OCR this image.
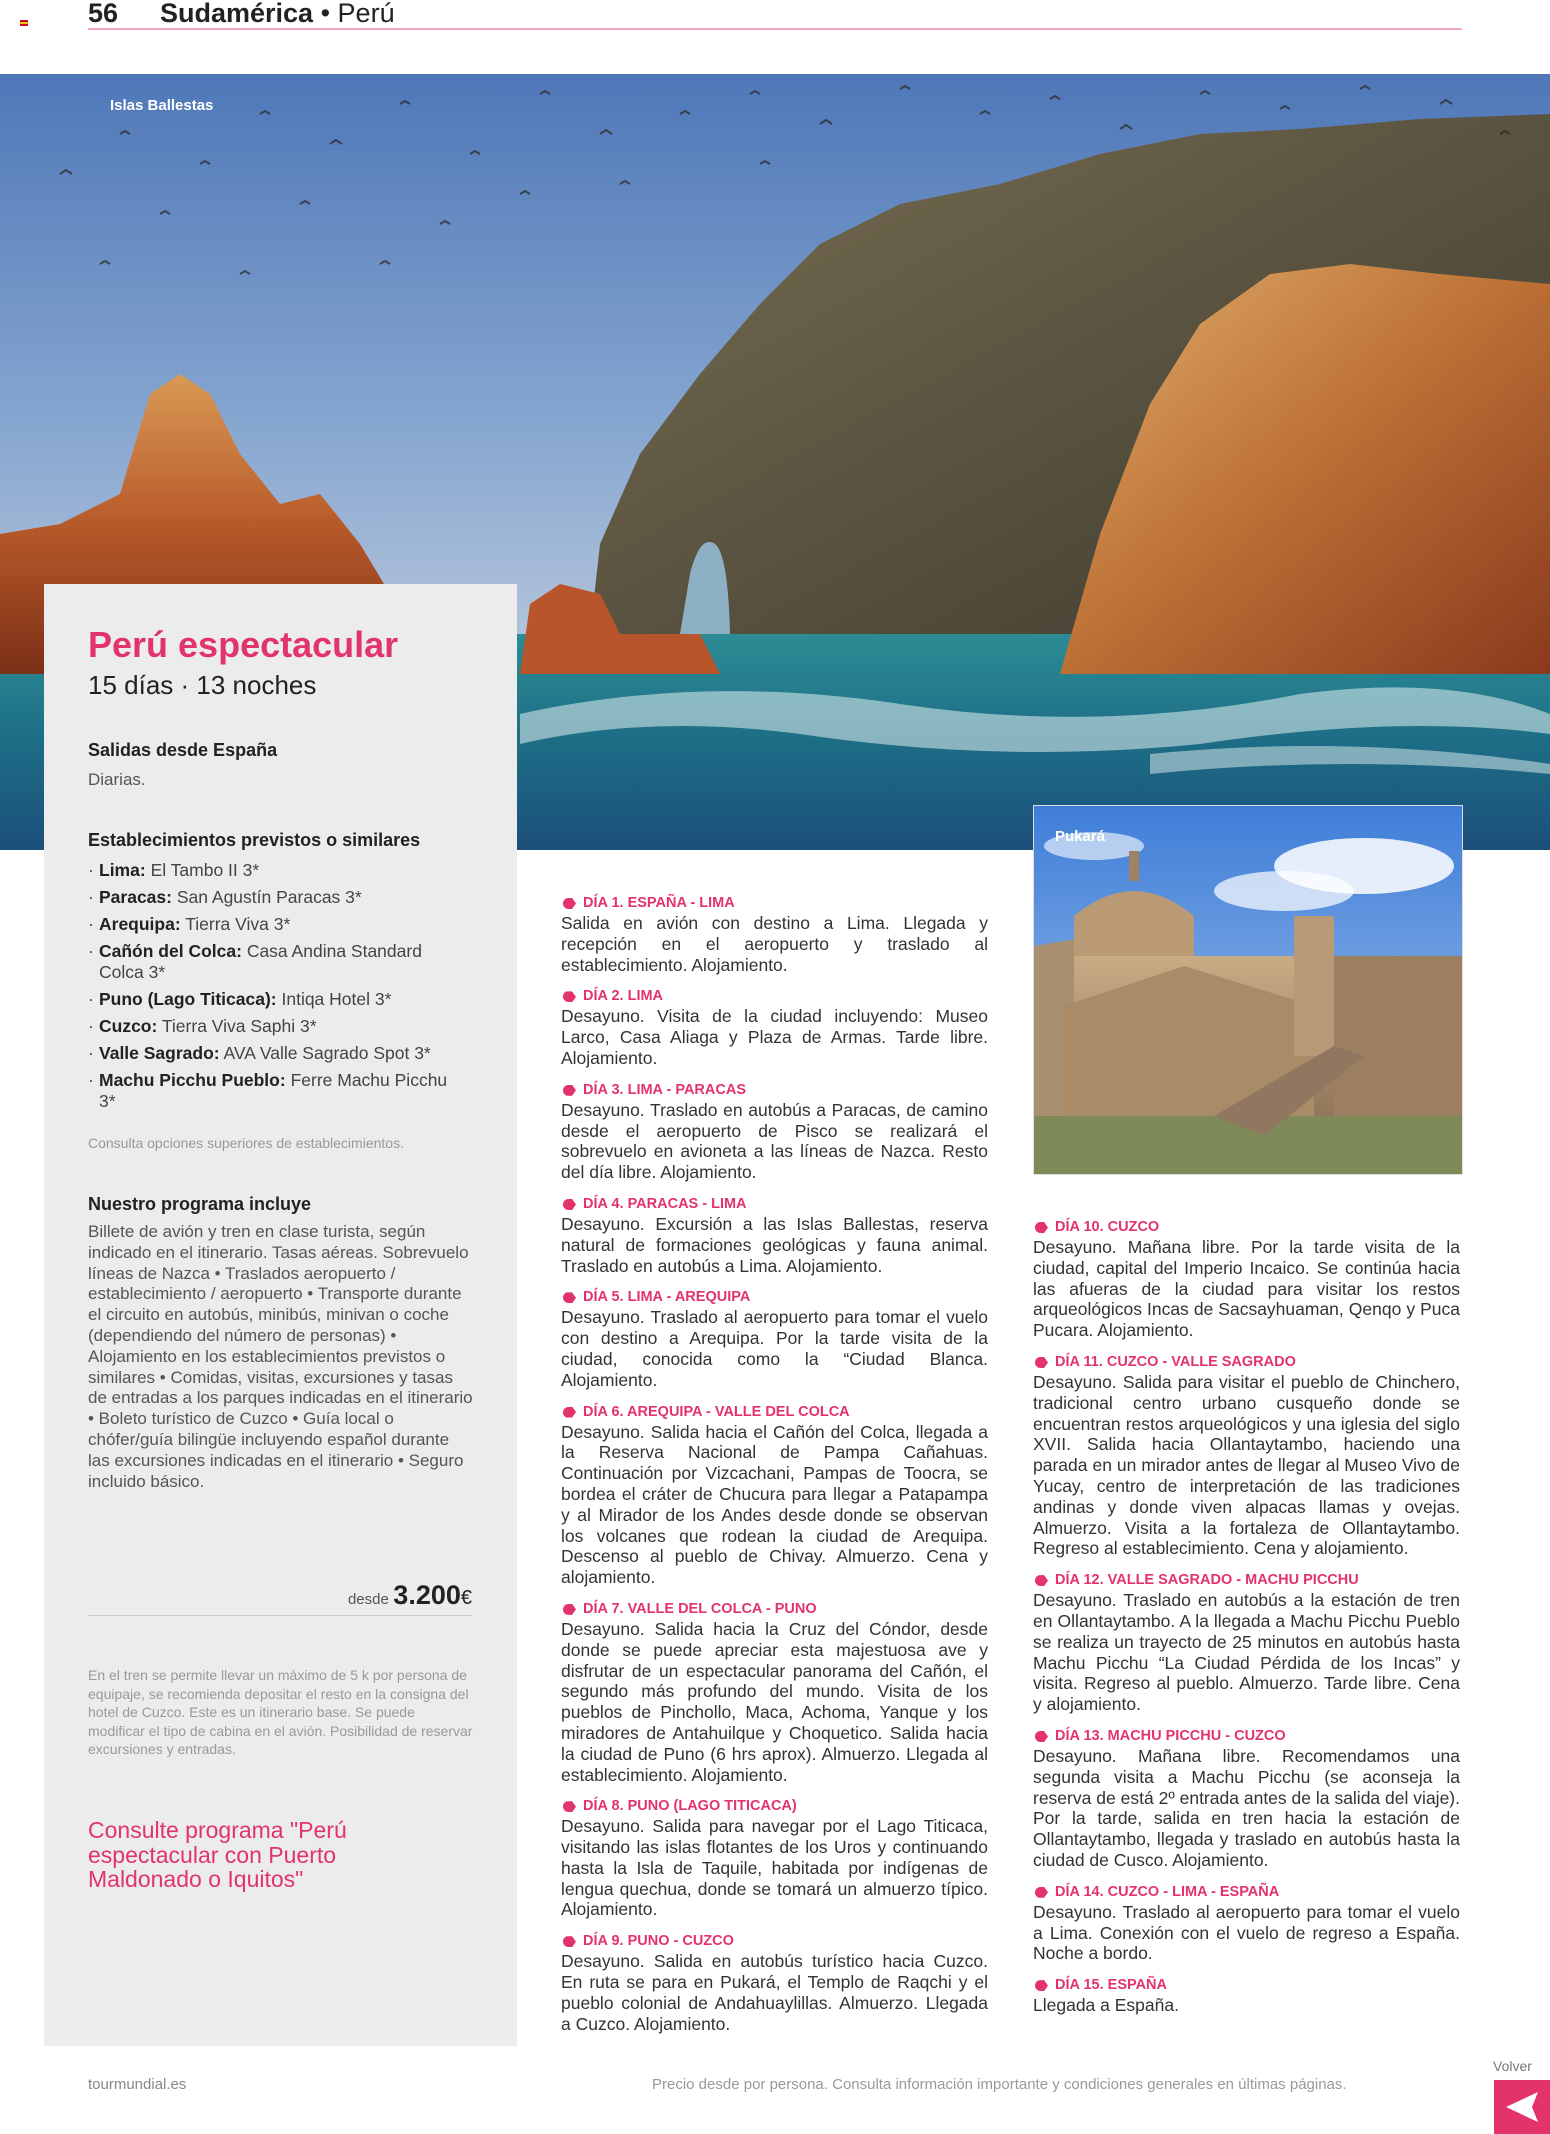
56 Sudamérica • Perú
Islas Ballestas
Perú espectacular
15 días · 13 noches
Salidas desde España
Diarias.
Establecimientos previstos o similares
· Lima: El Tambo II 3*
· Paracas: San Agustín Paracas 3*
· Arequipa: Tierra Viva 3*
· Cañón del Colca: Casa Andina Standard Colca 3*
· Puno (Lago Titicaca): Intiqa Hotel 3*
· Cuzco: Tierra Viva Saphi 3*
· Valle Sagrado: AVA Valle Sagrado Spot 3*
· Machu Picchu Pueblo: Ferre Machu Picchu 3*
Consulta opciones superiores de establecimientos.
Nuestro programa incluye
Billete de avión y tren en clase turista, según indicado en el itinerario. Tasas aéreas. Sobrevuelo líneas de Nazca • Traslados aeropuerto / establecimiento / aeropuerto • Transporte durante el circuito en autobús, minibús, minivan o coche (dependiendo del número de personas) • Alojamiento en los establecimientos previstos o similares • Comidas, visitas, excursiones y tasas de entradas a los parques indicadas en el itinerario • Boleto turístico de Cuzco • Guía local o chófer/guía bilingüe incluyendo español durante las excursiones indicadas en el itinerario • Seguro incluido básico.
desde 3.200€
En el tren se permite llevar un máximo de 5 k por persona de equipaje, se recomienda depositar el resto en la consigna del hotel de Cuzco. Este es un itinerario base. Se puede modificar el tipo de cabina en el avión. Posibilidad de reservar excursiones y entradas.
Consulte programa "Perú espectacular con Puerto Maldonado o Iquitos"
DÍA 1. ESPAÑA - LIMA
Salida en avión con destino a Lima. Llegada y recepción en el aeropuerto y traslado al establecimiento. Alojamiento.
DÍA 2. LIMA
Desayuno. Visita de la ciudad incluyendo: Museo Larco, Casa Aliaga y Plaza de Armas. Tarde libre. Alojamiento.
DÍA 3. LIMA - PARACAS
Desayuno. Traslado en autobús a Paracas, de camino desde el aeropuerto de Pisco se realizará el sobrevuelo en avioneta a las líneas de Nazca. Resto del día libre. Alojamiento.
DÍA 4. PARACAS - LIMA
Desayuno. Excursión a las Islas Ballestas, reserva natural de formaciones geológicas y fauna animal. Traslado en autobús a Lima. Alojamiento.
DÍA 5. LIMA - AREQUIPA
Desayuno. Traslado al aeropuerto para tomar el vuelo con destino a Arequipa. Por la tarde visita de la ciudad, conocida como la “Ciudad Blanca. Alojamiento.
DÍA 6. AREQUIPA - VALLE DEL COLCA
Desayuno. Salida hacia el Cañón del Colca, llegada a la Reserva Nacional de Pampa Cañahuas. Continuación por Vizcachani, Pampas de Toocra, se bordea el cráter de Chucura para llegar a Patapampa y al Mirador de los Andes desde donde se observan los volcanes que rodean la ciudad de Arequipa. Descenso al pueblo de Chivay. Almuerzo. Cena y alojamiento.
DÍA 7. VALLE DEL COLCA - PUNO
Desayuno. Salida hacia la Cruz del Cóndor, desde donde se puede apreciar esta majestuosa ave y disfrutar de un espectacular panorama del Cañón, el segundo más profundo del mundo. Visita de los pueblos de Pinchollo, Maca, Achoma, Yanque y los miradores de Antahuilque y Choquetico. Salida hacia la ciudad de Puno (6 hrs aprox). Almuerzo. Llegada al establecimiento. Alojamiento.
DÍA 8. PUNO (LAGO TITICACA)
Desayuno. Salida para navegar por el Lago Titicaca, visitando las islas flotantes de los Uros y continuando hasta la Isla de Taquile, habitada por indígenas de lengua quechua, donde se tomará un almuerzo típico. Alojamiento.
DÍA 9. PUNO - CUZCO
Desayuno. Salida en autobús turístico hacia Cuzco. En ruta se para en Pukará, el Templo de Raqchi y el pueblo colonial de Andahuaylillas. Almuerzo. Llegada a Cuzco. Alojamiento.
Pukará
DÍA 10. CUZCO
Desayuno. Mañana libre. Por la tarde visita de la ciudad, capital del Imperio Incaico. Se continúa hacia las afueras de la ciudad para visitar los restos arqueológicos Incas de Sacsayhuaman, Qenqo y Puca Pucara. Alojamiento.
DÍA 11. CUZCO - VALLE SAGRADO
Desayuno. Salida para visitar el pueblo de Chinchero, tradicional centro urbano cusqueño donde se encuentran restos arqueológicos y una iglesia del siglo XVII. Salida hacia Ollantaytambo, haciendo una parada en un mirador antes de llegar al Museo Vivo de Yucay, centro de interpretación de las tradiciones andinas y donde viven alpacas llamas y ovejas. Almuerzo. Visita a la fortaleza de Ollantaytambo. Regreso al establecimiento. Cena y alojamiento.
DÍA 12. VALLE SAGRADO - MACHU PICCHU
Desayuno. Traslado en autobús a la estación de tren en Ollantaytambo. A la llegada a Machu Picchu Pueblo se realiza un trayecto de 25 minutos en autobús hasta Machu Picchu “La Ciudad Pérdida de los Incas” y visita. Regreso al pueblo. Almuerzo. Tarde libre. Cena y alojamiento.
DÍA 13. MACHU PICCHU - CUZCO
Desayuno. Mañana libre. Recomendamos una segunda visita a Machu Picchu (se aconseja la reserva de está 2º entrada antes de la salida del viaje). Por la tarde, salida en tren hacia la estación de Ollantaytambo, llegada y traslado en autobús hasta la ciudad de Cusco. Alojamiento.
DÍA 14. CUZCO - LIMA - ESPAÑA
Desayuno. Traslado al aeropuerto para tomar el vuelo a Lima. Conexión con el vuelo de regreso a España. Noche a bordo.
DÍA 15. ESPAÑA
Llegada a España.
tourmundial.es	Precio desde por persona. Consulta información importante y condiciones generales en últimas páginas.
Volver
